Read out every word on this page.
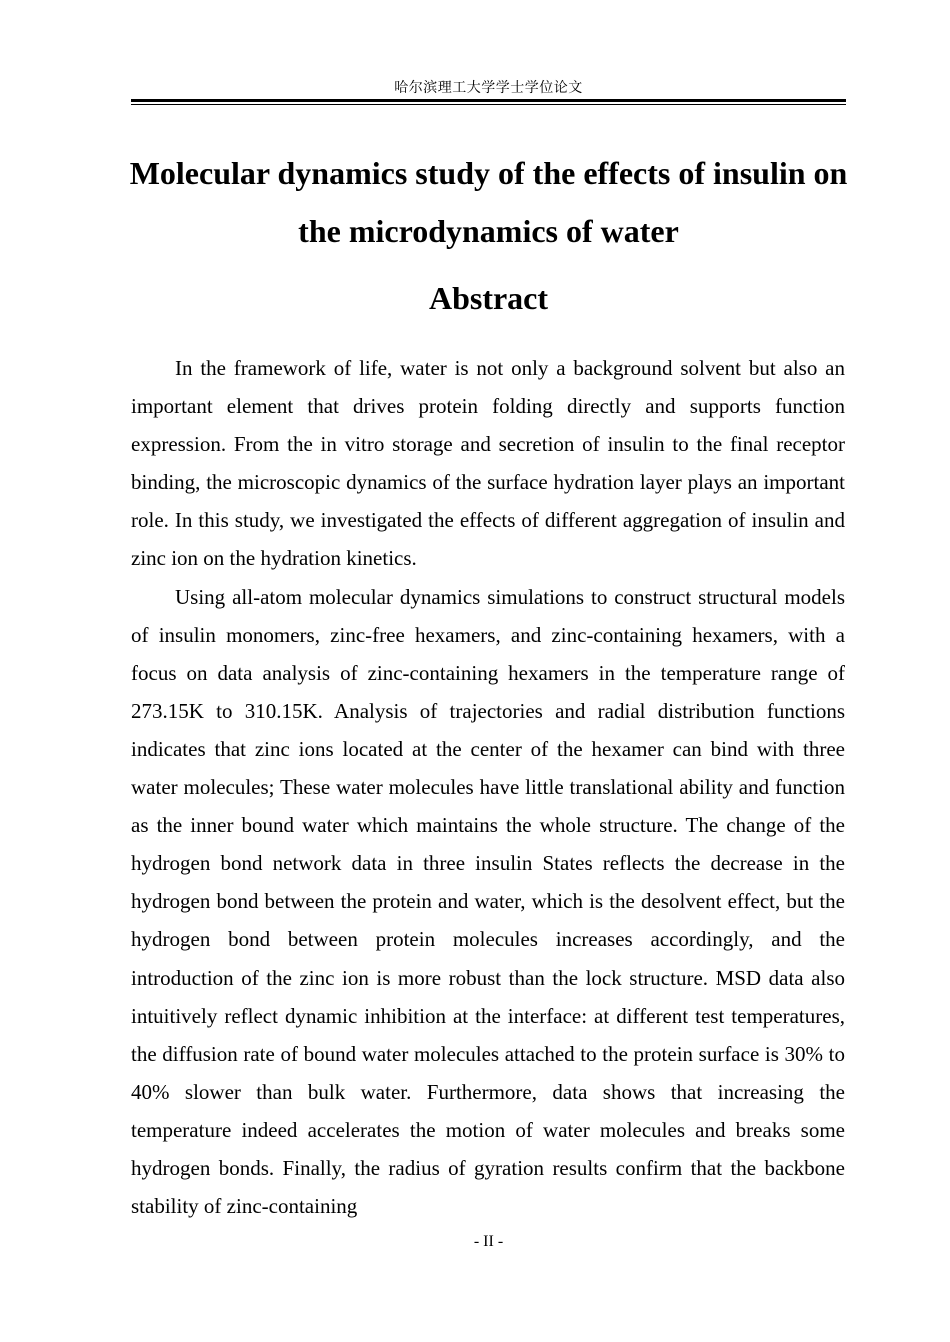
哈尔滨理工大学学士学位论文
Molecular dynamics study of the effects of insulin on the microdynamics of water
Abstract

In the framework of life, water is not only a background solvent but also an important element that drives protein folding directly and supports function expression. From the in vitro storage and secretion of insulin to the final receptor binding, the microscopic dynamics of the surface hydration layer plays an important role. In this study, we investigated the effects of different aggregation of insulin and zinc ion on the hydration kinetics.

Using all-atom molecular dynamics simulations to construct structural models of insulin monomers, zinc-free hexamers, and zinc-containing hexamers, with a focus on data analysis of zinc-containing hexamers in the temperature range of 273.15K to 310.15K. Analysis of trajectories and radial distribution functions indicates that zinc ions located at the center of the hexamer can bind with three water molecules; These water molecules have little translational ability and function as the inner bound water which maintains the whole structure. The change of the hydrogen bond network data in three insulin States reflects the decrease in the hydrogen bond between the protein and water, which is the desolvent effect, but the hydrogen bond between protein molecules increases accordingly, and the introduction of the zinc ion is more robust than the lock structure. MSD data also intuitively reflect dynamic inhibition at the interface: at different test temperatures, the diffusion rate of bound water molecules attached to the protein surface is 30% to 40% slower than bulk water. Furthermore, data shows that increasing the temperature indeed accelerates the motion of water molecules and breaks some hydrogen bonds. Finally, the radius of gyration results confirm that the backbone stability of zinc-containing

- II -
